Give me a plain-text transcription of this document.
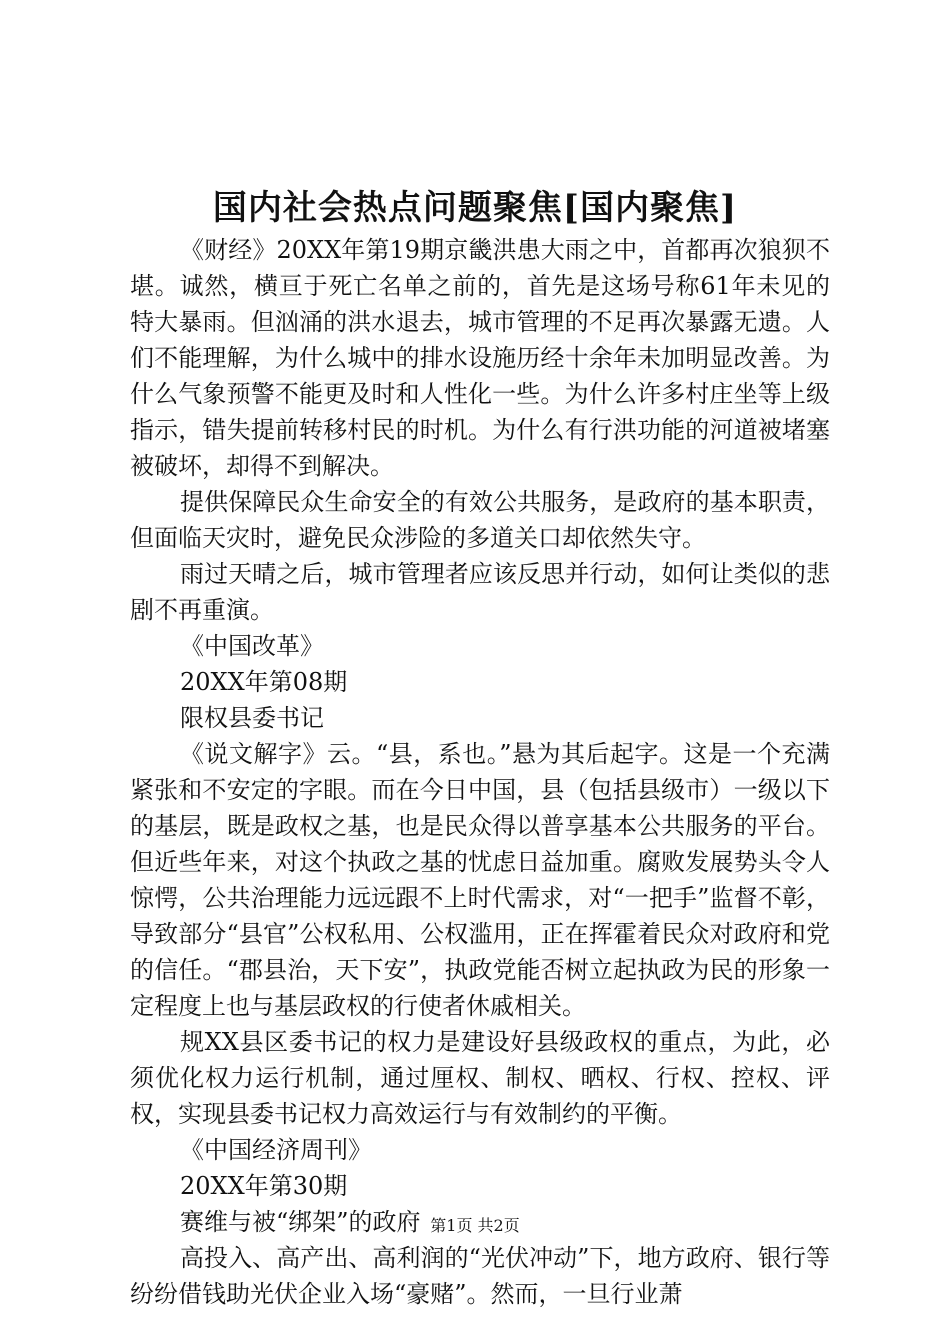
国内社会热点问题聚焦[国内聚焦]

《财经》20XX年第19期京畿洪患大雨之中，首都再次狼狈不堪。诚然，横亘于死亡名单之前的，首先是这场号称61年未见的特大暴雨。但汹涌的洪水退去，城市管理的不足再次暴露无遗。人们不能理解，为什么城中的排水设施历经十余年未加明显改善。为什么气象预警不能更及时和人性化一些。为什么许多村庄坐等上级指示，错失提前转移村民的时机。为什么有行洪功能的河道被堵塞被破坏，却得不到解决。

提供保障民众生命安全的有效公共服务，是政府的基本职责，但面临天灾时，避免民众涉险的多道关口却依然失守。

雨过天晴之后，城市管理者应该反思并行动，如何让类似的悲剧不再重演。

《中国改革》

20XX年第08期

限权县委书记

《说文解字》云。“县，系也。”悬为其后起字。这是一个充满紧张和不安定的字眼。而在今日中国，县（包括县级市）一级以下的基层，既是政权之基，也是民众得以普享基本公共服务的平台。但近些年来，对这个执政之基的忧虑日益加重。腐败发展势头令人惊愕，公共治理能力远远跟不上时代需求，对“一把手”监督不彰，导致部分“县官”公权私用、公权滥用，正在挥霍着民众对政府和党的信任。“郡县治，天下安”，执政党能否树立起执政为民的形象一定程度上也与基层政权的行使者休戚相关。

规XX县区委书记的权力是建设好县级政权的重点，为此，必须优化权力运行机制，通过厘权、制权、晒权、行权、控权、评权，实现县委书记权力高效运行与有效制约的平衡。

《中国经济周刊》

20XX年第30期

赛维与被“绑架”的政府

高投入、高产出、高利润的“光伏冲动”下，地方政府、银行等纷纷借钱助光伏企业入场“豪赌”。然而，一旦行业萧

第1页 共2页
